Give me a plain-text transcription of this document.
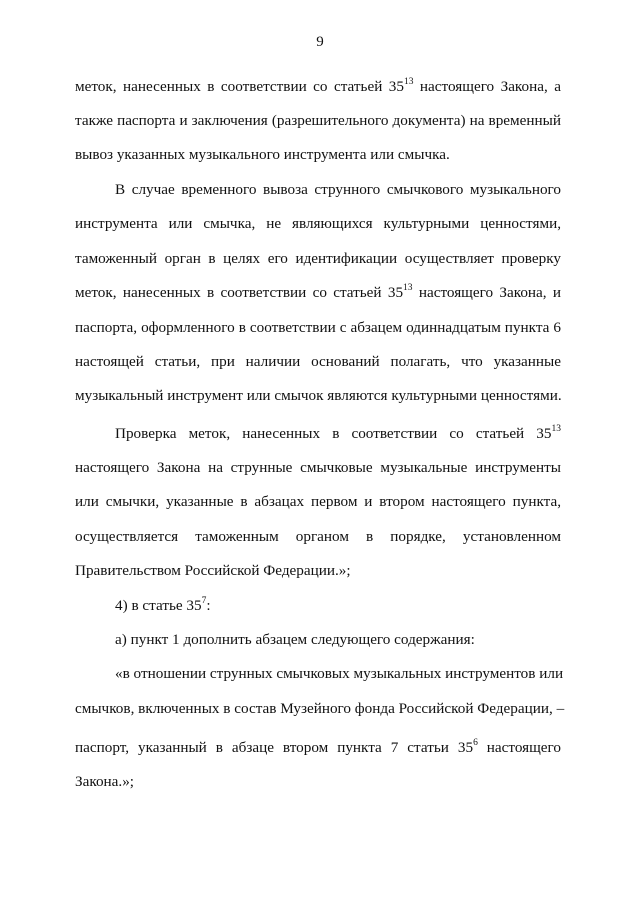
9
меток, нанесенных в соответствии со статьей $35^{13}$ настоящего Закона, а
также паспорта и заключения (разрешительного документа) на временный
вывоз указанных музыкального инструмента или смычка.
В случае временного вывоза струнного смычкового музыкального
инструмента или смычка, не являющихся культурными ценностями,
таможенный орган в целях его идентификации осуществляет проверку
меток, нанесенных в соответствии со статьей $35^{13}$ настоящего Закона, и
паспорта, оформленного в соответствии с абзацем одиннадцатым пункта 6
настоящей статьи, при наличии оснований полагать, что указанные
музыкальный инструмент или смычок являются культурными ценностями.
Проверка меток, нанесенных в соответствии со статьей $35^{13}$
настоящего Закона на струнные смычковые музыкальные инструменты
или смычки, указанные в абзацах первом и втором настоящего пункта,
осуществляется таможенным органом в порядке, установленном
Правительством Российской Федерации.»;
4) в статье $35^7$:
а) пункт 1 дополнить абзацем следующего содержания:
«в отношении струнных смычковых музыкальных инструментов или
смычков, включенных в состав Музейного фонда Российской Федерации, –
паспорт, указанный в абзаце втором пункта 7 статьи $35^6$ настоящего
Закона.»;
